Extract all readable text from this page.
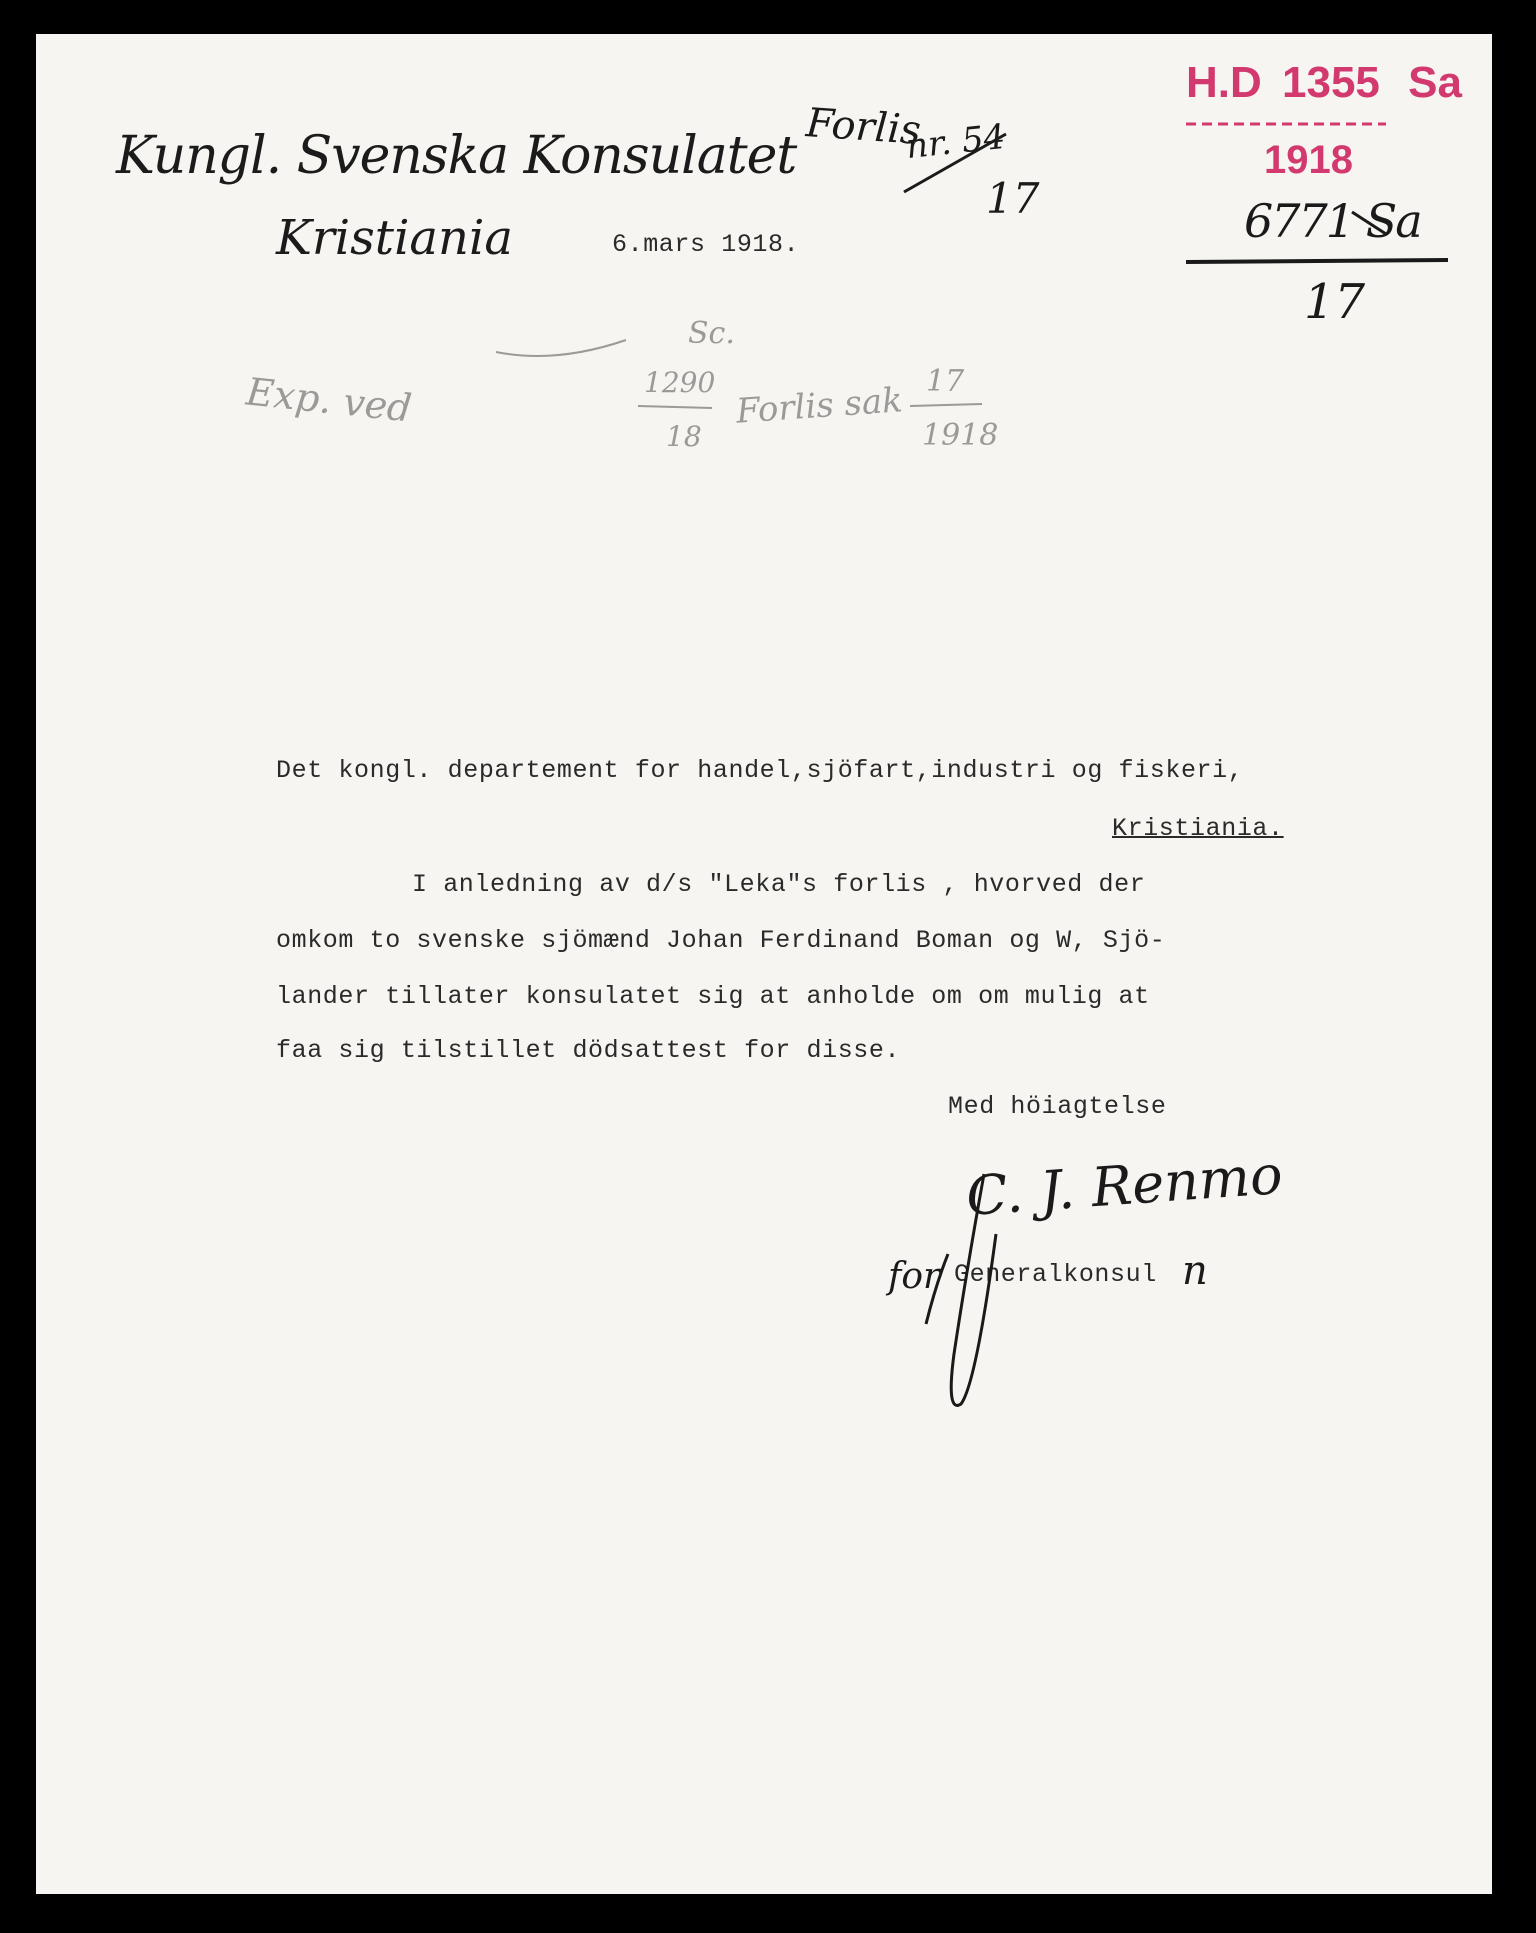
Kungl. Svenska Konsulatet
Kristiania	6.mars 1918.
Forlis
nr. 54
17
H.D 1355 Sa
1918
6771 Sa
17
Exp. ved
Sc.
1290
18
Forlis sak 17
1918
Det kongl. departement for handel,sjöfart,industri og fiskeri,
Kristiania.
I anledning av d/s "Leka"s forlis , hvorved der
omkom to svenske sjömænd Johan Ferdinand Boman og W, Sjö-
lander tillater konsulatet sig at anholde om om mulig at
faa sig tilstillet dödsattest for disse.
Med höiagtelse
C. J. Renmo
for Generalkonsul n
